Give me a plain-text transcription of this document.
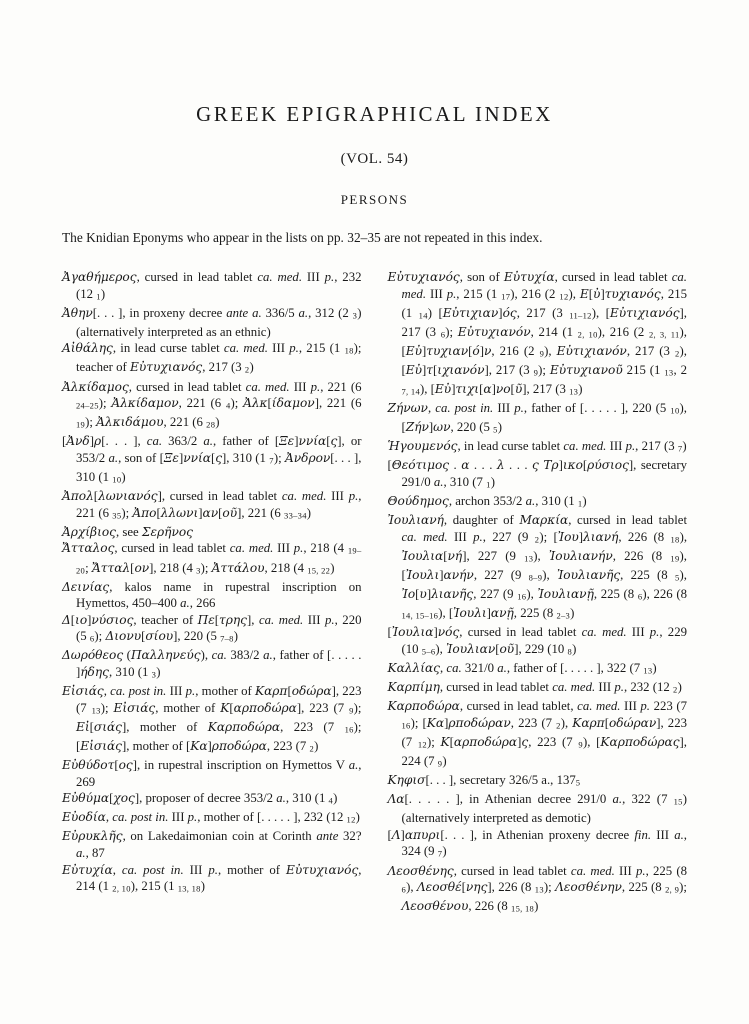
GREEK EPIGRAPHICAL INDEX
(VOL. 54)
PERSONS
The Knidian Eponyms who appear in the lists on pp. 32–35 are not repeated in this index.
Ἀγαθήμερος, cursed in lead tablet ca. med. III p., 232 (12 1)
Ἀθην[. . . ], in proxeny decree ante a. 336/5 a., 312 (2 3) (alternatively interpreted as an ethnic)
Αἰθάλης, in lead curse tablet ca. med. III p., 215 (1 18); teacher of Εὐτυχιανός, 217 (3 2)
Ἀλκίδαμος, cursed in lead tablet ca. med. III p., 221 (6 24–25); Ἀλκίδαμον, 221 (6 4); Ἀλκ[ίδαμον], 221 (6 19); Ἀλκιδάμου, 221 (6 28)
[Ἀνδ]ρ[. . . ], ca. 363/2 a., father of [Ξε]ννία[ς], or 353/2 a., son of [Ξε]ννία[ς], 310 (1 7); Ἀνδρον[. . . ], 310 (1 10)
Ἀπολ[λωνιανός], cursed in lead tablet ca. med. III p., 221 (6 35); Ἀπο[λλωνι]αν[οῦ], 221 (6 33–34)
Ἀρχίβιος, see Σερῆνος
Ἄτταλος, cursed in lead tablet ca. med. III p., 218 (4 19–20; Ἄτταλ[ον], 218 (4 3); Ἀττάλου, 218 (4 15, 22)
Δεινίας, kalos name in rupestral inscription on Hymettos, 450–400 a., 266
Δ[ιο]νύσιος, teacher of Πε[τρης], ca. med. III p., 220 (5 6); Διονυ[σίου], 220 (5 7–8)
Δωρόθεος (Παλληνεύς), ca. 383/2 a., father of [. . . . . ]ήδης, 310 (1 3)
Εἰσιάς, ca. post in. III p., mother of Καρπ[οδώρα], 223 (7 13); Εἰσιάς, mother of Κ[αρποδώρα], 223 (7 9); Εἰ[σιάς], mother of Καρποδώρα, 223 (7 16); [Εἰσιάς], mother of [Κα]ρποδώρα, 223 (7 2)
Εὐθύδοτ[ος], in rupestral inscription on Hymettos V a., 269
Εὐθύμα[χος], proposer of decree 353/2 a., 310 (1 4)
Εὐοδία, ca. post in. III p., mother of [. . . . . ], 232 (12 12)
Εὐρυκλῆς, on Lakedaimonian coin at Corinth ante 32? a., 87
Εὐτυχία, ca. post in. III p., mother of Εὐτυχιανός, 214 (1 2, 10), 215 (1 13, 18)
Εὐτυχιανός, son of Εὐτυχία, cursed in lead tablet ca. med. III p., 215 (1 17), 216 (2 12), Ε[ὐ]τυχιανός, 215 (1 14) [Εὐτιχιαν]ός, 217 (3 11–12), [Εὐτιχιανός], 217 (3 6); Εὐτυχιανόν, 214 (1 2, 10), 216 (2 2, 3, 11), [Εὐ]τυχιαν[ό]ν, 216 (2 9), Εὐτιχιανόν, 217 (3 2), [Εὐ]τ[ιχιανόν], 217 (3 9); Εὐτυχιανοῦ 215 (1 13, 2 7, 14), [Εὐ]τιχι[α]νο[ῦ], 217 (3 13)
Ζήνων, ca. post in. III p., father of [. . . . . ], 220 (5 10), [Ζήν]ων, 220 (5 5)
Ἡγουμενός, in lead curse tablet ca. med. III p., 217 (3 7)
[Θεότιμος . α . . . λ . . . ς Τρ]ικο[ρύσιος], secretary 291/0 a., 310 (7 1)
Θούδημος, archon 353/2 a., 310 (1 1)
Ἰουλιανή, daughter of Μαρκία, cursed in lead tablet ca. med. III p., 227 (9 2); [Ἰου]λιανή, 226 (8 18), Ἰουλια[νή], 227 (9 13), Ἰουλιανήν, 226 (8 19), [Ἰουλι]ανήν, 227 (9 8–9), Ἰουλιανῆς, 225 (8 5), Ἰο[υ]λιανῆς, 227 (9 16), Ἰουλιανῇ, 225 (8 6), 226 (8 14, 15–16), [Ἰουλι]ανῇ, 225 (8 2–3)
[Ἰουλια]νός, cursed in lead tablet ca. med. III p., 229 (10 5–6), Ἰουλιαν[οῦ], 229 (10 8)
Καλλίας, ca. 321/0 a., father of [. . . . . ], 322 (7 13)
Καρπίμη, cursed in lead tablet ca. med. III p., 232 (12 2)
Καρποδώρα, cursed in lead tablet, ca. med. III p. 223 (7 16); [Κα]ρποδώραν, 223 (7 2), Καρπ[οδώραν], 223 (7 12); Κ[αρποδώρα]ς, 223 (7 9), [Καρποδώρας], 224 (7 9)
Κηφισ[. . . ], secretary 326/5 a., 1375
Λα[. . . . . ], in Athenian decree 291/0 a., 322 (7 15) (alternatively interpreted as demotic)
[Λ]απυρι[. . . ], in Athenian proxeny decree fin. III a., 324 (9 7)
Λεοσθένης, cursed in lead tablet ca. med. III p., 225 (8 6), Λεοσθέ[νης], 226 (8 13); Λεοσθένην, 225 (8 2, 9); Λεοσθένου, 226 (8 15, 18)
